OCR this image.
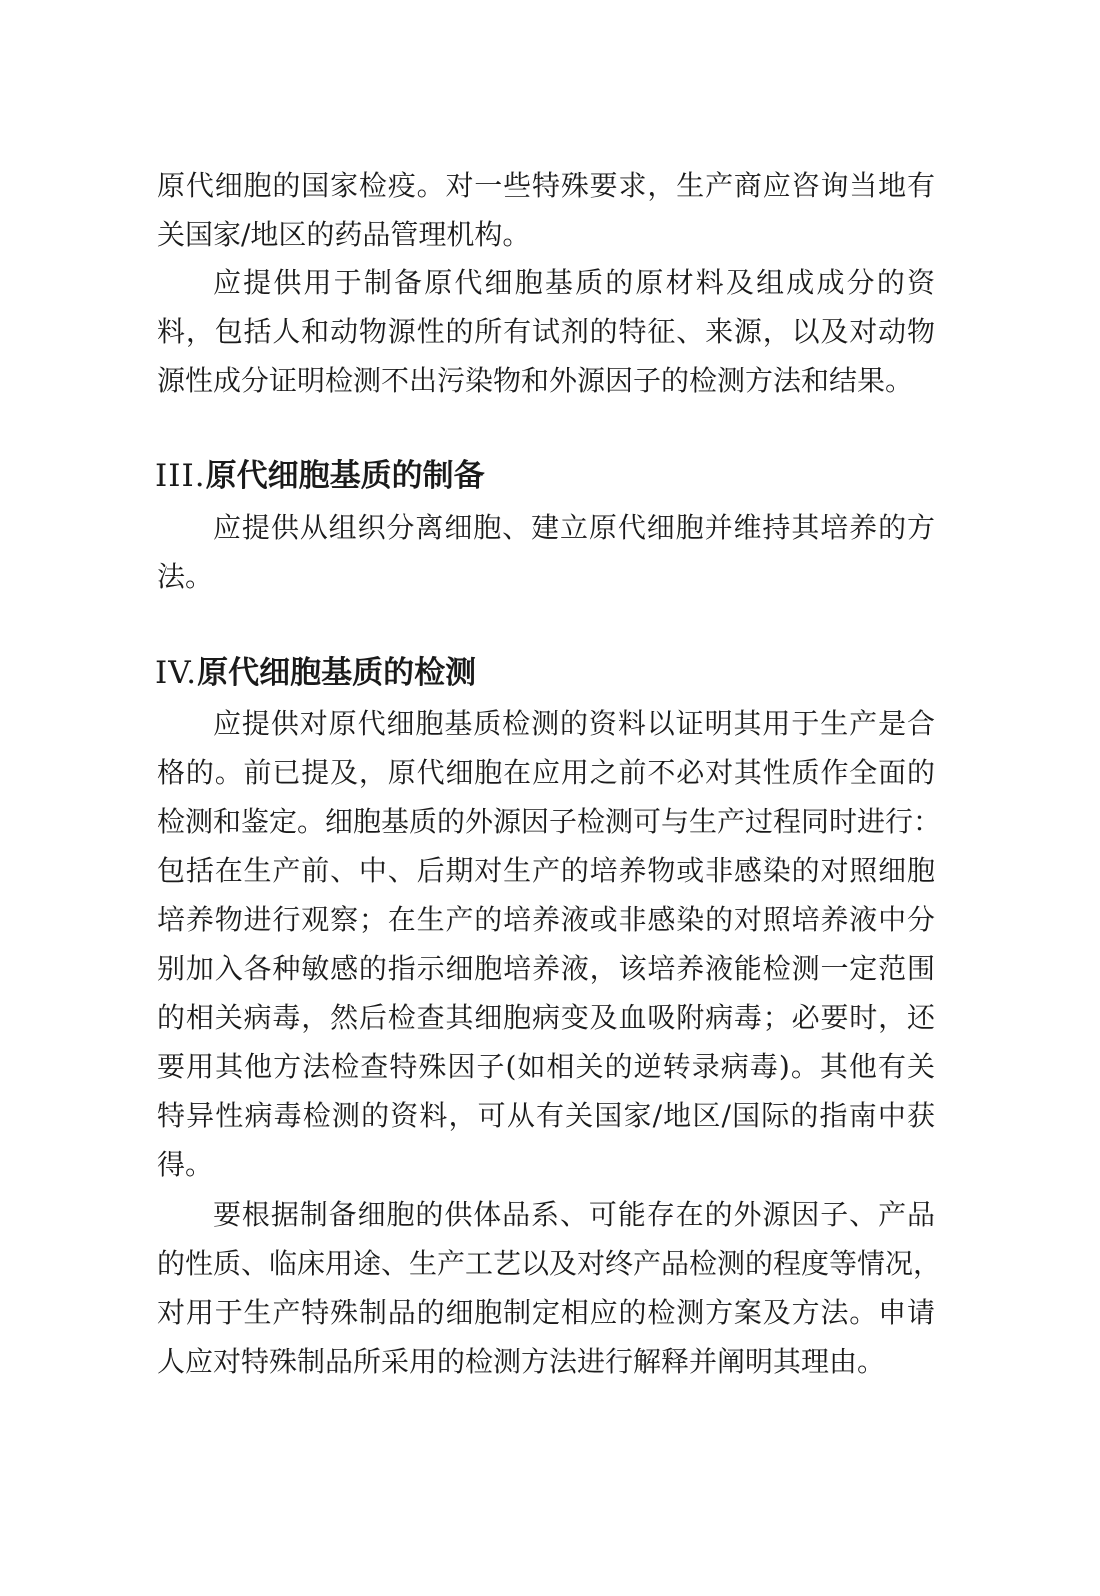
原代细胞的国家检疫。对一些特殊要求，生产商应咨询当地有
关国家/地区的药品管理机构。
应提供用于制备原代细胞基质的原材料及组成成分的资
料，包括人和动物源性的所有试剂的特征、来源，以及对动物
源性成分证明检测不出污染物和外源因子的检测方法和结果。
III.原代细胞基质的制备
应提供从组织分离细胞、建立原代细胞并维持其培养的方
法。
IV.原代细胞基质的检测
应提供对原代细胞基质检测的资料以证明其用于生产是合
格的。前已提及，原代细胞在应用之前不必对其性质作全面的
检测和鉴定。细胞基质的外源因子检测可与生产过程同时进行：
包括在生产前、中、后期对生产的培养物或非感染的对照细胞
培养物进行观察；在生产的培养液或非感染的对照培养液中分
别加入各种敏感的指示细胞培养液，该培养液能检测一定范围
的相关病毒，然后检查其细胞病变及血吸附病毒；必要时，还
要用其他方法检查特殊因子(如相关的逆转录病毒)。其他有关
特异性病毒检测的资料，可从有关国家/地区/国际的指南中获
得。
要根据制备细胞的供体品系、可能存在的外源因子、产品
的性质、临床用途、生产工艺以及对终产品检测的程度等情况，
对用于生产特殊制品的细胞制定相应的检测方案及方法。申请
人应对特殊制品所采用的检测方法进行解释并阐明其理由。
